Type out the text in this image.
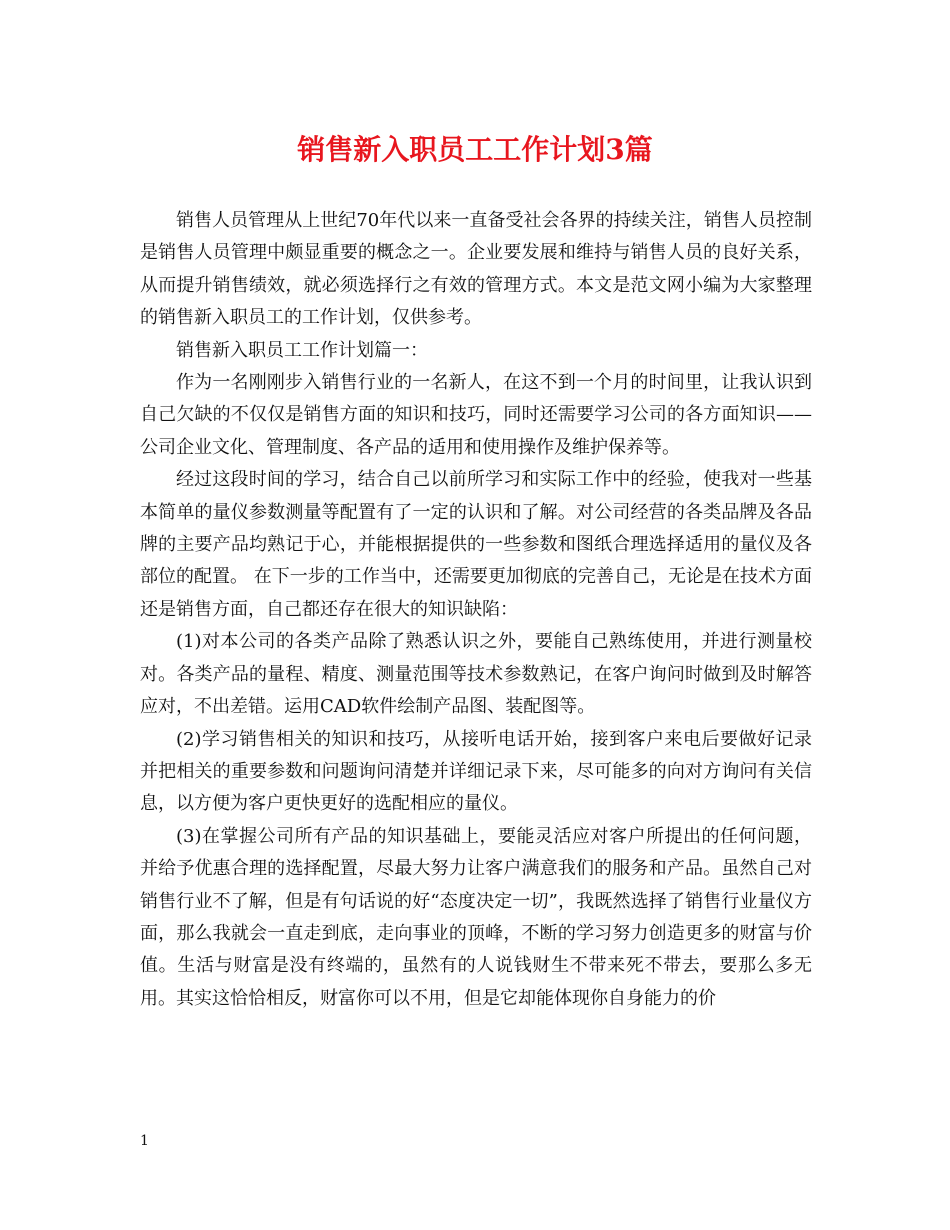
销售新入职员工工作计划3篇

销售人员管理从上世纪70年代以来一直备受社会各界的持续关注，销售人员控制是销售人员管理中颇显重要的概念之一。企业要发展和维持与销售人员的良好关系，从而提升销售绩效，就必须选择行之有效的管理方式。本文是范文网小编为大家整理的销售新入职员工的工作计划，仅供参考。

销售新入职员工工作计划篇一：

作为一名刚刚步入销售行业的一名新人，在这不到一个月的时间里，让我认识到自己欠缺的不仅仅是销售方面的知识和技巧，同时还需要学习公司的各方面知识——公司企业文化、管理制度、各产品的适用和使用操作及维护保养等。

经过这段时间的学习，结合自己以前所学习和实际工作中的经验，使我对一些基本简单的量仪参数测量等配置有了一定的认识和了解。对公司经营的各类品牌及各品牌的主要产品均熟记于心，并能根据提供的一些参数和图纸合理选择适用的量仪及各部位的配置。 在下一步的工作当中，还需要更加彻底的完善自己，无论是在技术方面还是销售方面，自己都还存在很大的知识缺陷：

(1)对本公司的各类产品除了熟悉认识之外，要能自己熟练使用，并进行测量校对。各类产品的量程、精度、测量范围等技术参数熟记，在客户询问时做到及时解答应对，不出差错。运用CAD软件绘制产品图、装配图等。

(2)学习销售相关的知识和技巧，从接听电话开始，接到客户来电后要做好记录并把相关的重要参数和问题询问清楚并详细记录下来，尽可能多的向对方询问有关信息，以方便为客户更快更好的选配相应的量仪。

(3)在掌握公司所有产品的知识基础上，要能灵活应对客户所提出的任何问题，并给予优惠合理的选择配置，尽最大努力让客户满意我们的服务和产品。虽然自己对销售行业不了解，但是有句话说的好“态度决定一切”，我既然选择了销售行业量仪方面，那么我就会一直走到底，走向事业的顶峰，不断的学习努力创造更多的财富与价值。生活与财富是没有终端的，虽然有的人说钱财生不带来死不带去，要那么多无用。其实这恰恰相反，财富你可以不用，但是它却能体现你自身能力的价

1
